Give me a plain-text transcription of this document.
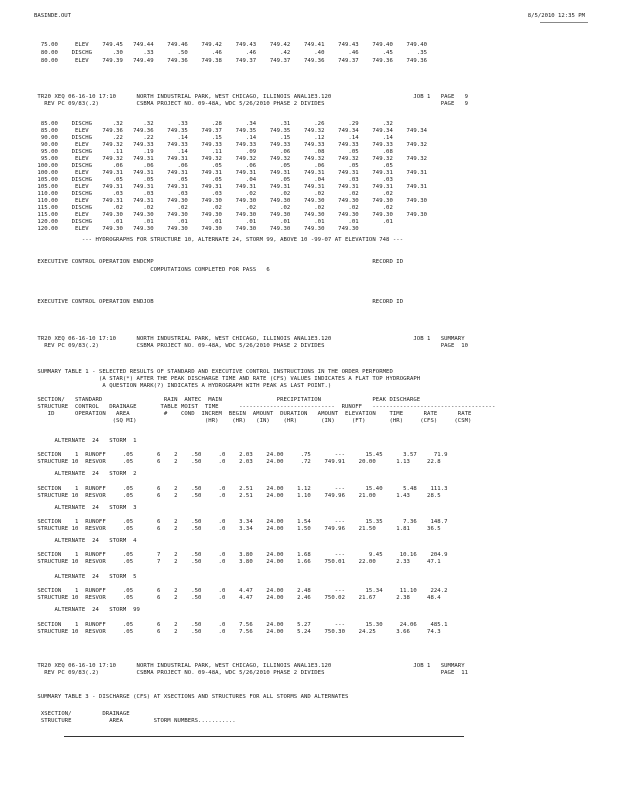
BASINDE.OUT	8/5/2010 12:35 PM
75.00     ELEV    749.45   749.44    749.46    749.42    749.43    749.42    749.41    749.43    749.40    749.40
80.00    DISCHG      .30      .33       .50       .46       .46       .42       .40       .46       .45       .35
80.00     ELEV    749.39   749.49    749.36    749.38    749.37    749.37    749.36    749.37    749.36    749.36
TR20 XEQ 06-16-10 17:10      NORTH INDUSTRIAL PARK, WEST CHICAGO, ILLINOIS ANAL1E3.120                        JOB 1   PAGE   9
REV PC 09/83(.2)           CSBMA PROJECT NO. 09-48A, WDC 5/26/2010 PHASE 2 DIVIDES                                  PAGE   9
85.00    DISCHG      .32      .32       .33       .28       .34       .31       .26       .29       .32
85.00     ELEV    749.36   749.36    749.35    749.37    749.35    749.35    749.32    749.34    749.34    749.34
90.00    DISCHG      .22      .22       .14       .15       .14       .15       .12       .14       .14
90.00     ELEV    749.32   749.33    749.33    749.33    749.33    749.33    749.33    749.33    749.33    749.32
95.00    DISCHG      .11      .19       .14       .11       .09       .06       .08       .05       .08
95.00     ELEV    749.32   749.31    749.31    749.32    749.32    749.32    749.32    749.32    749.32    749.32
100.00    DISCHG      .06      .06       .06       .05       .06       .05       .06       .05       .05
100.00     ELEV    749.31   749.31    749.31    749.31    749.31    749.31    749.31    749.31    749.31    749.31
105.00    DISCHG      .05      .05       .05       .05       .04       .05       .04       .03       .03
105.00     ELEV    749.31   749.31    749.31    749.31    749.31    749.31    749.31    749.31    749.31    749.31
110.00    DISCHG      .03      .03       .03       .03       .02       .02       .02       .02       .02
110.00     ELEV    749.31   749.31    749.30    749.30    749.30    749.30    749.30    749.30    749.30    749.30
115.00    DISCHG      .02      .02       .02       .02       .02       .02       .02       .02       .02
115.00     ELEV    749.30   749.30    749.30    749.30    749.30    749.30    749.30    749.30    749.30    749.30
120.00    DISCHG      .01      .01       .01       .01       .01       .01       .01       .01       .01
120.00     ELEV    749.30   749.30    749.30    749.30    749.30    749.30    749.30    749.30
--- HYDROGRAPHS FOR STRUCTURE 10, ALTERNATE 24, STORM 99, ABOVE 10 -99-07 AT ELEVATION 748 ---
EXECUTIVE CONTROL OPERATION ENDCMP                                                                RECORD ID
COMPUTATIONS COMPLETED FOR PASS   6
EXECUTIVE CONTROL OPERATION ENDJOB                                                                RECORD ID
TR20 XEQ 06-16-10 17:10      NORTH INDUSTRIAL PARK, WEST CHICAGO, ILLINOIS ANAL1E3.120                        JOB 1   SUMMARY
REV PC 09/83(.2)           CSBMA PROJECT NO. 09-48A, WDC 5/26/2010 PHASE 2 DIVIDES                                  PAGE  10
SUMMARY TABLE 1 - SELECTED RESULTS OF STANDARD AND EXECUTIVE CONTROL INSTRUCTIONS IN THE ORDER PERFORMED
(A STAR(*) AFTER THE PEAK DISCHARGE TIME AND RATE (CFS) VALUES INDICATES A FLAT TOP HYDROGRAPH
A QUESTION MARK(?) INDICATES A HYDROGRAPH WITH PEAK AS LAST POINT.)
SECTION/   STANDARD                  RAIN  ANTEC  MAIN                PRECIPITATION               PEAK DISCHARGE
STRUCTURE  CONTROL   DRAINAGE       TABLE MOIST  TIME      ----------------------------  RUNOFF   ------------------------------------
ID      OPERATION   AREA          #    COND  INCREM  BEGIN  AMOUNT  DURATION   AMOUNT  ELEVATION    TIME      RATE      RATE
(SQ MI)                    (HR)    (HR)   (IN)    (HR)       (IN)     (FT)       (HR)     (CFS)     (CSM)
ALTERNATE  24   STORM  1
SECTION    1  RUNOFF     .05       6    2    .50     .0    2.03    24.00     .75       ---      15.45      3.57     71.9
STRUCTURE 10  RESVOR     .05       6    2    .50     .0    2.03    24.00     .72    749.91    20.00      1.13     22.8
ALTERNATE  24   STORM  2
SECTION    1  RUNOFF     .05       6    2    .50     .0    2.51    24.00    1.12       ---      15.40      5.48    111.3
STRUCTURE 10  RESVOR     .05       6    2    .50     .0    2.51    24.00    1.10    749.96    21.00      1.43     28.5
ALTERNATE  24   STORM  3
SECTION    1  RUNOFF     .05       6    2    .50     .0    3.34    24.00    1.54       ---      15.35      7.36    148.7
STRUCTURE 10  RESVOR     .05       6    2    .50     .0    3.34    24.00    1.50    749.96    21.50      1.81     36.5
ALTERNATE  24   STORM  4
SECTION    1  RUNOFF     .05       7    2    .50     .0    3.80    24.00    1.68       ---       9.45     10.16    204.9
STRUCTURE 10  RESVOR     .05       7    2    .50     .0    3.80    24.00    1.66    750.01    22.00      2.33     47.1
ALTERNATE  24   STORM  5
SECTION    1  RUNOFF     .05       6    2    .50     .0    4.47    24.00    2.48       ---      15.34     11.10    224.2
STRUCTURE 10  RESVOR     .05       6    2    .50     .0    4.47    24.00    2.46    750.02    21.67      2.38     48.4
ALTERNATE  24   STORM  99
SECTION    1  RUNOFF     .05       6    2    .50     .0    7.56    24.00    5.27       ---      15.30     24.06    485.1
STRUCTURE 10  RESVOR     .05       6    2    .50     .0    7.56    24.00    5.24    750.30    24.25      3.66     74.3
TR20 XEQ 06-16-10 17:10      NORTH INDUSTRIAL PARK, WEST CHICAGO, ILLINOIS ANAL1E3.120                        JOB 1   SUMMARY
REV PC 09/83(.2)           CSBMA PROJECT NO. 09-48A, WDC 5/26/2010 PHASE 2 DIVIDES                                  PAGE  11
SUMMARY TABLE 3 - DISCHARGE (CFS) AT XSECTIONS AND STRUCTURES FOR ALL STORMS AND ALTERNATES
XSECTION/         DRAINAGE
STRUCTURE           AREA         STORM NUMBERS...........
